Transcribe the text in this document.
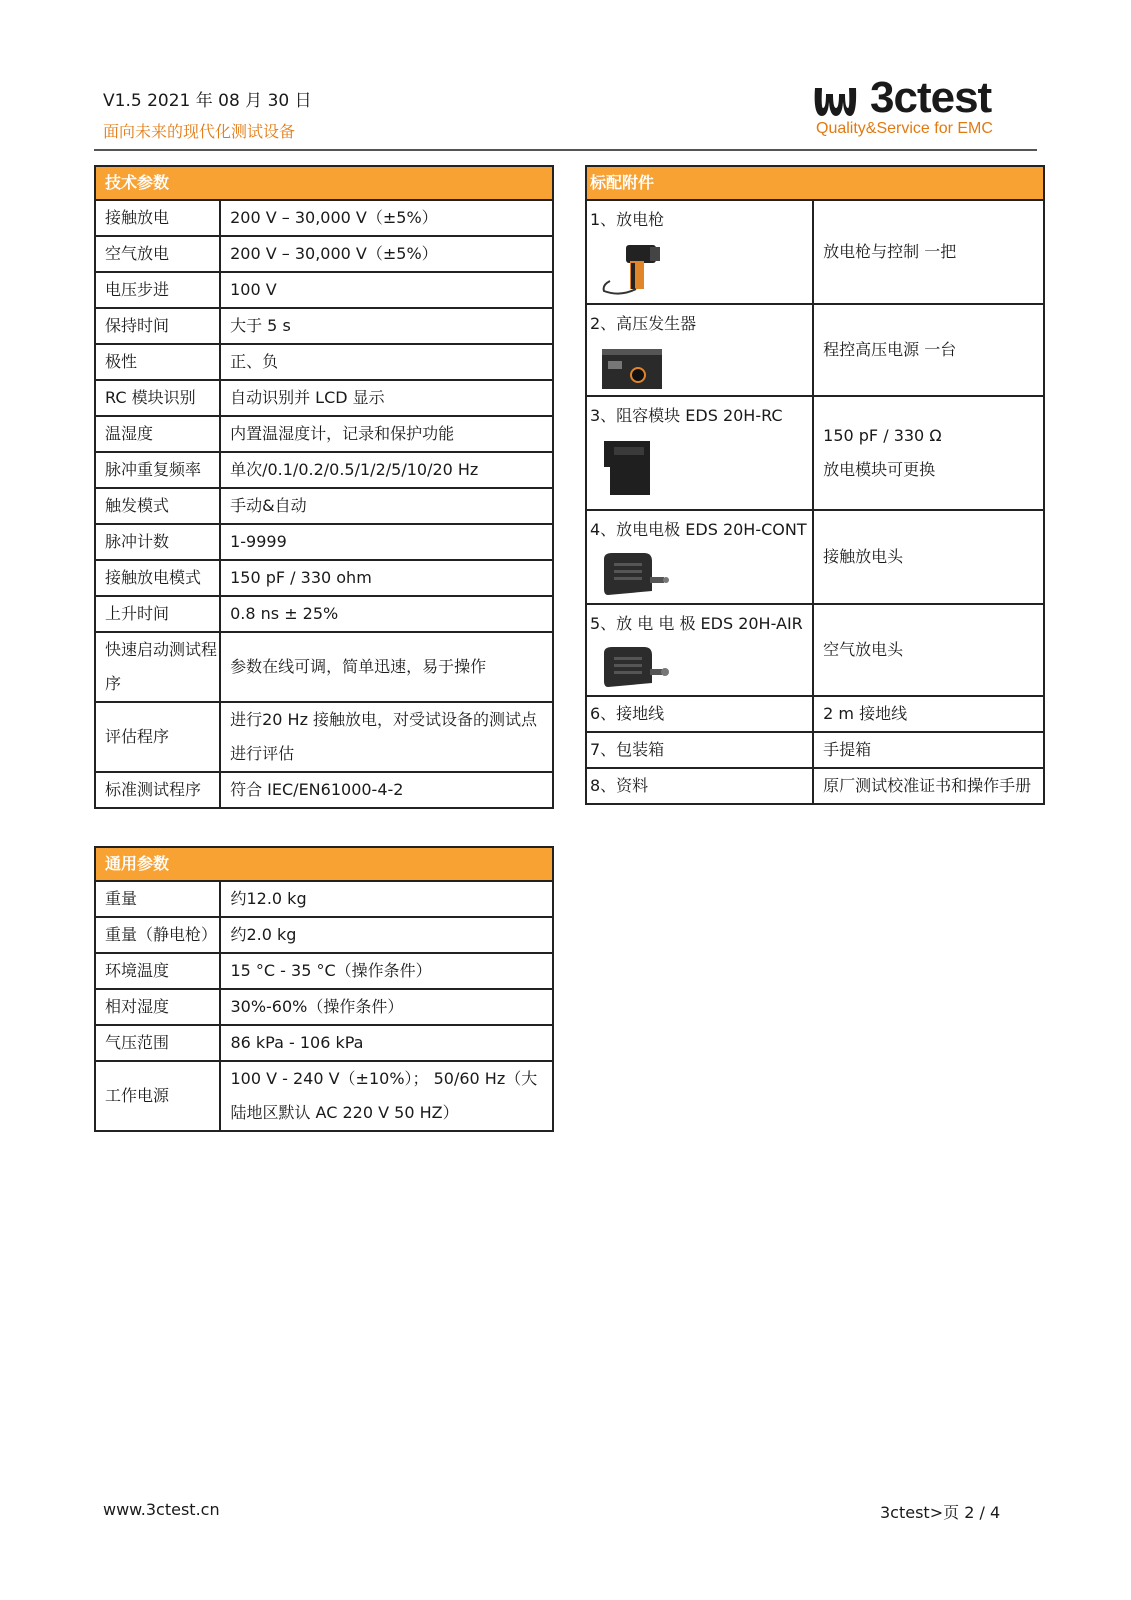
V1.5 2021 年 08 月 30 日
面向未来的现代化测试设备
3ctest
Quality&Service for EMC
技术参数	
接触放电	200 V – 30,000 V（±5%）
空气放电	200 V – 30,000 V（±5%）
电压步进	100 V
保持时间	大于 5 s
极性	正、负
RC 模块识别	自动识别并 LCD 显示
温湿度	内置温湿度计，记录和保护功能
脉冲重复频率	单次/0.1/0.2/0.5/1/2/5/10/20 Hz
触发模式	手动&自动
脉冲计数	1-9999
接触放电模式	150 pF / 330 ohm
上升时间	0.8 ns ± 25%
快速启动测试程序	参数在线可调，简单迅速，易于操作
评估程序	进行20 Hz 接触放电，对受试设备的测试点进行评估
标准测试程序	符合 IEC/EN61000-4-2
通用参数	
重量	约12.0 kg
重量（静电枪）	约2.0 kg
环境温度	15 °C - 35 °C（操作条件）
相对湿度	30%-60%（操作条件）
气压范围	86 kPa - 106 kPa
工作电源	100 V - 240 V（±10%）； 50/60 Hz（大陆地区默认 AC 220 V 50 HZ）
标配附件	

1、放电枪	放电枪与控制 一把

2、高压发生器	程控高压电源 一台

3、阻容模块 EDS 20H-RC	150 pF / 330 Ω
放电模块可更换

4、放电电极 EDS 20H-CONT	接触放电头

5、放 电 电 极 EDS 20H-AIR	空气放电头
6、接地线	2 m 接地线
7、包装箱	手提箱
8、资料	原厂测试校准证书和操作手册
www.3ctest.cn	3ctest>页 2 / 4
